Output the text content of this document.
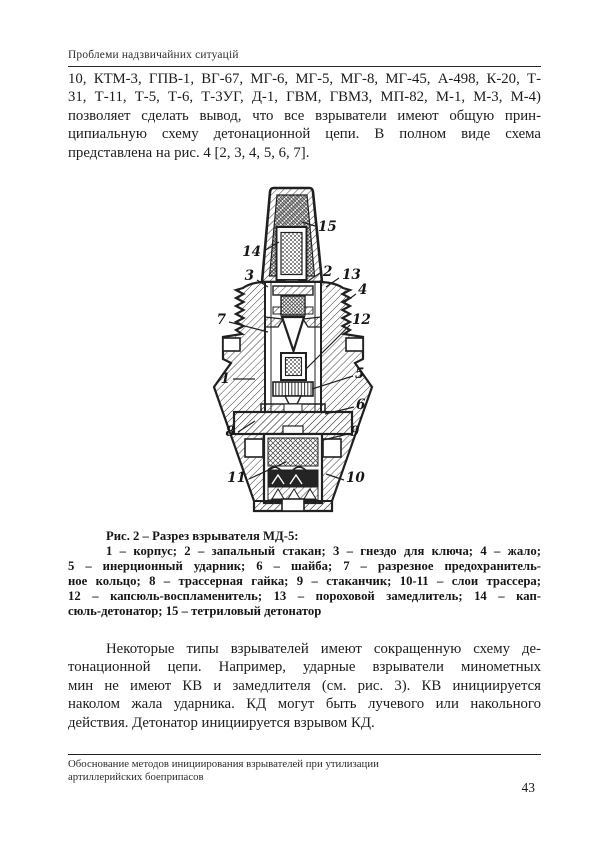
Проблеми надзвичайних ситуацій
10, КТМ-3, ГПВ-1, ВГ-67, МГ-6, МГ-5, МГ-8, МГ-45, А-498, К-20, Т-
31, Т-11, Т-5, Т-6, Т-3УГ, Д-1, ГВМ, ГВМЗ, МП-82, М-1, М-3, М-4)
позволяет сделать вывод, что все взрыватели имеют общую прин-
ципиальную схему детонационной цепи. В полном виде схема
представлена на рис. 4 [2, 3, 4, 5, 6, 7].
15
14
2 13
3
4
7	12
1	5
6
8	9
11	10
Рис. 2 – Разрез взрывателя МД-5:
1 – корпус; 2 – запальный стакан; 3 – гнездо для ключа; 4 – жало;
5 – инерционный ударник; 6 – шайба; 7 – разрезное предохранитель-
ное кольцо; 8 – трассерная гайка; 9 – стаканчик; 10-11 – слои трассера;
12 – капсюль-воспламенитель; 13 – пороховой замедлитель; 14 – кап-
сюль-детонатор; 15 – тетриловый детонатор
Некоторые типы взрывателей имеют сокращенную схему де-
тонационной цепи. Например, ударные взрыватели минометных
мин не имеют КВ и замедлителя (см. рис. 3). КВ инициируется
наколом жала ударника. КД могут быть лучевого или накольного
действия. Детонатор инициируется взрывом КД.
Обоснование методов инициирования взрывателей при утилизации
артиллерийских боеприпасов
43
